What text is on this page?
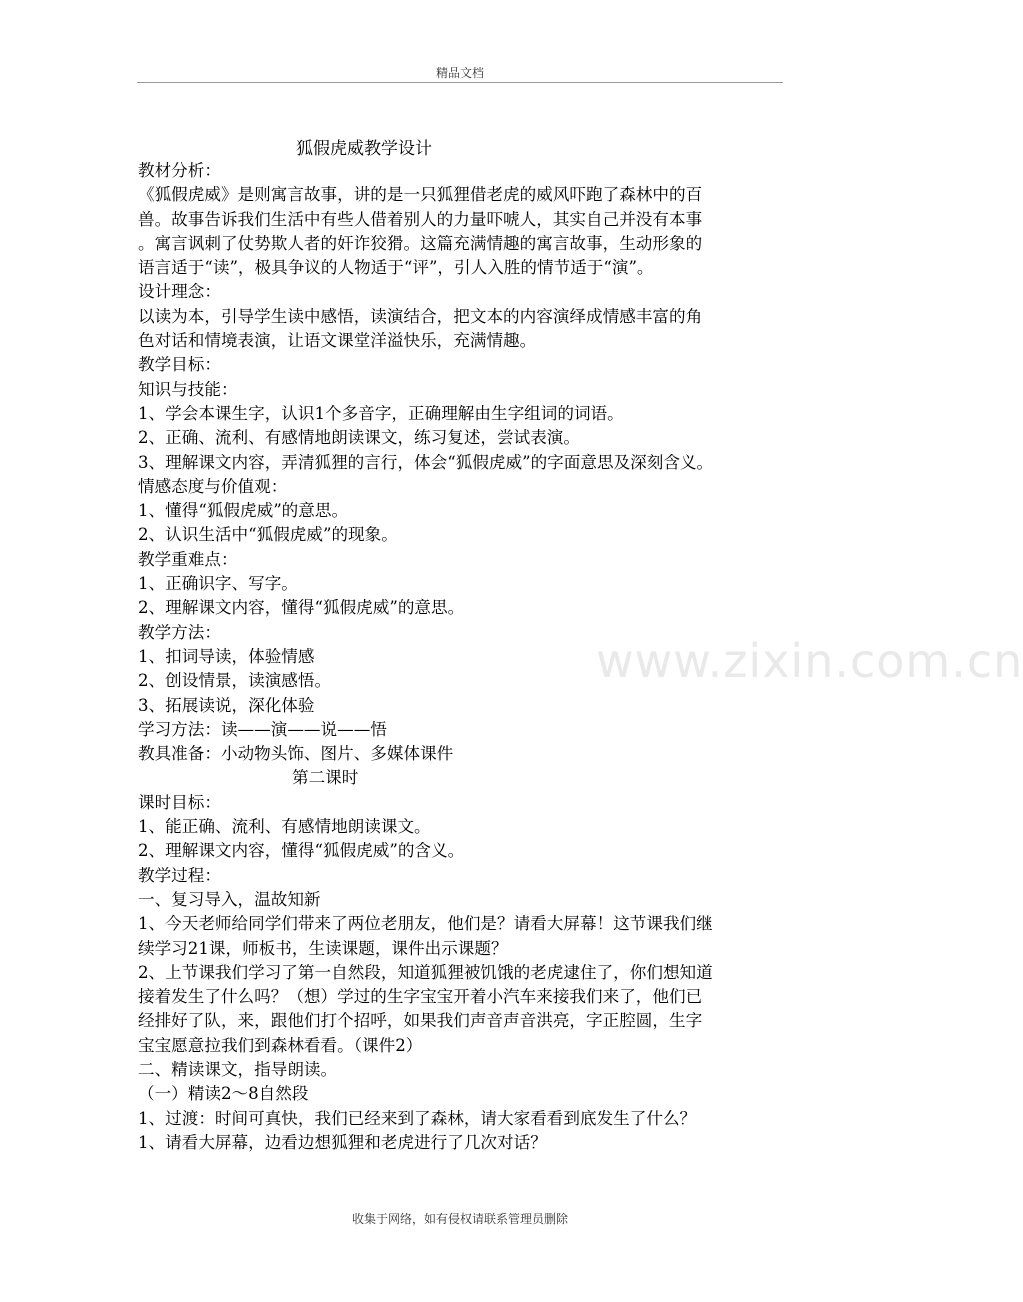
精品文档
狐假虎威教学设计
www.zixin.com.cn
教材分析：
《狐假虎威》是则寓言故事，讲的是一只狐狸借老虎的威风吓跑了森林中的百
兽。故事告诉我们生活中有些人借着别人的力量吓唬人，其实自己并没有本事
。寓言讽刺了仗势欺人者的奸诈狡猾。这篇充满情趣的寓言故事，生动形象的
语言适于“读”，极具争议的人物适于“评”，引人入胜的情节适于“演”。
设计理念：
以读为本，引导学生读中感悟，读演结合，把文本的内容演绎成情感丰富的角
色对话和情境表演，让语文课堂洋溢快乐，充满情趣。
教学目标：
知识与技能：
1、学会本课生字，认识1个多音字，正确理解由生字组词的词语。
2、正确、流利、有感情地朗读课文，练习复述，尝试表演。
3、理解课文内容，弄清狐狸的言行，体会“狐假虎威”的字面意思及深刻含义。
情感态度与价值观：
1、懂得“狐假虎威”的意思。
2、认识生活中“狐假虎威”的现象。
教学重难点：
1、正确识字、写字。
2、理解课文内容，懂得“狐假虎威”的意思。
教学方法：
1、扣词导读，体验情感
2、创设情景，读演感悟。
3、拓展读说，深化体验
学习方法：读——演——说——悟
教具准备：小动物头饰、图片、多媒体课件
第二课时
课时目标：
1、能正确、流利、有感情地朗读课文。
2、理解课文内容，懂得“狐假虎威”的含义。
教学过程：
一、复习导入，温故知新
1、今天老师给同学们带来了两位老朋友，他们是？请看大屏幕！这节课我们继
续学习21课，师板书，生读课题，课件出示课题？
2、上节课我们学习了第一自然段，知道狐狸被饥饿的老虎逮住了，你们想知道
接着发生了什么吗？（想）学过的生字宝宝开着小汽车来接我们来了，他们已
经排好了队，来，跟他们打个招呼，如果我们声音声音洪亮，字正腔圆，生字
宝宝愿意拉我们到森林看看。（课件2）
二、精读课文，指导朗读。
（一）精读2～8自然段
1、过渡：时间可真快，我们已经来到了森林，请大家看看到底发生了什么？
1、请看大屏幕，边看边想狐狸和老虎进行了几次对话？
收集于网络，如有侵权请联系管理员删除
